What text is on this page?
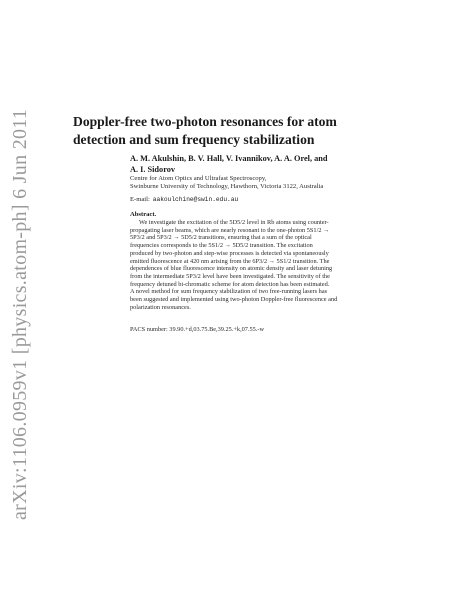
arXiv:1106.0959v1 [physics.atom-ph] 6 Jun 2011	Doppler-free two-photon resonances for atom
detection and sum frequency stabilization
A. M. Akulshin, B. V. Hall, V. Ivannikov, A. A. Orel, and
A. I. Sidorov
Centre for Atom Optics and Ultrafast Spectroscopy,
Swinburne University of Technology, Hawthorn, Victoria 3122, Australia
E-mail: aakoulchine@swin.edu.au
Abstract.
We investigate the excitation of the 5D5/2 level in Rb atoms using counter-
propagating laser beams, which are nearly resonant to the one-photon 5S1/2 →
5P3/2 and 5P3/2 → 5D5/2 transitions, ensuring that a sum of the optical
frequencies corresponds to the 5S1/2 → 5D5/2 transition. The excitation
produced by two-photon and step-wise processes is detected via spontaneously
emitted fluorescence at 420 nm arising from the 6P3/2 → 5S1/2 transition. The
dependences of blue fluorescence intensity on atomic density and laser detuning
from the intermediate 5P3/2 level have been investigated. The sensitivity of the
frequency detuned bi-chromatic scheme for atom detection has been estimated.
A novel method for sum frequency stabilization of two free-running lasers has
been suggested and implemented using two-photon Doppler-free fluorescence and
polarization resonances.
PACS number: 39.90.+d,03.75.Be,39.25.+k,07.55.-w
